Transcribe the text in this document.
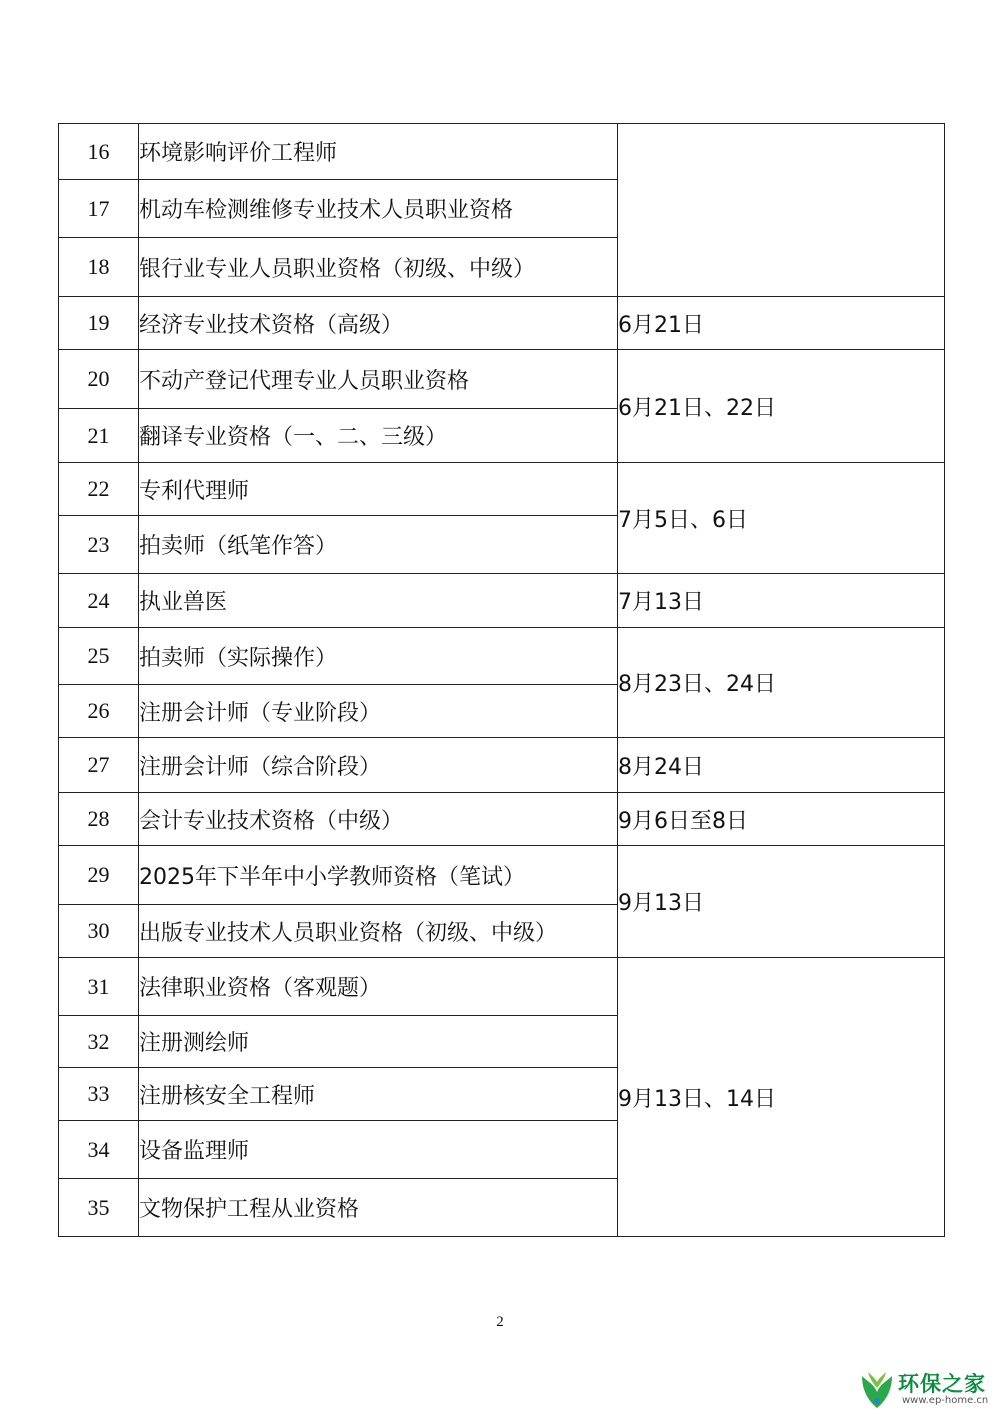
16	环境影响评价工程师	
17	机动车检测维修专业技术人员职业资格	
18	银行业专业人员职业资格（初级、中级）	
19	经济专业技术资格（高级）	6月21日
20	不动产登记代理专业人员职业资格	6月21日、22日
21	翻译专业资格（一、二、三级）	
22	专利代理师	7月5日、6日
23	拍卖师（纸笔作答）	
24	执业兽医	7月13日
25	拍卖师（实际操作）	8月23日、24日
26	注册会计师（专业阶段）	
27	注册会计师（综合阶段）	8月24日
28	会计专业技术资格（中级）	9月6日至8日
29	2025年下半年中小学教师资格（笔试）	9月13日
30	出版专业技术人员职业资格（初级、中级）	
31	法律职业资格（客观题）	9月13日、14日
32	注册测绘师	
33	注册核安全工程师	
34	设备监理师	
35	文物保护工程从业资格	
2
环保之家
www.ep-home.cn
